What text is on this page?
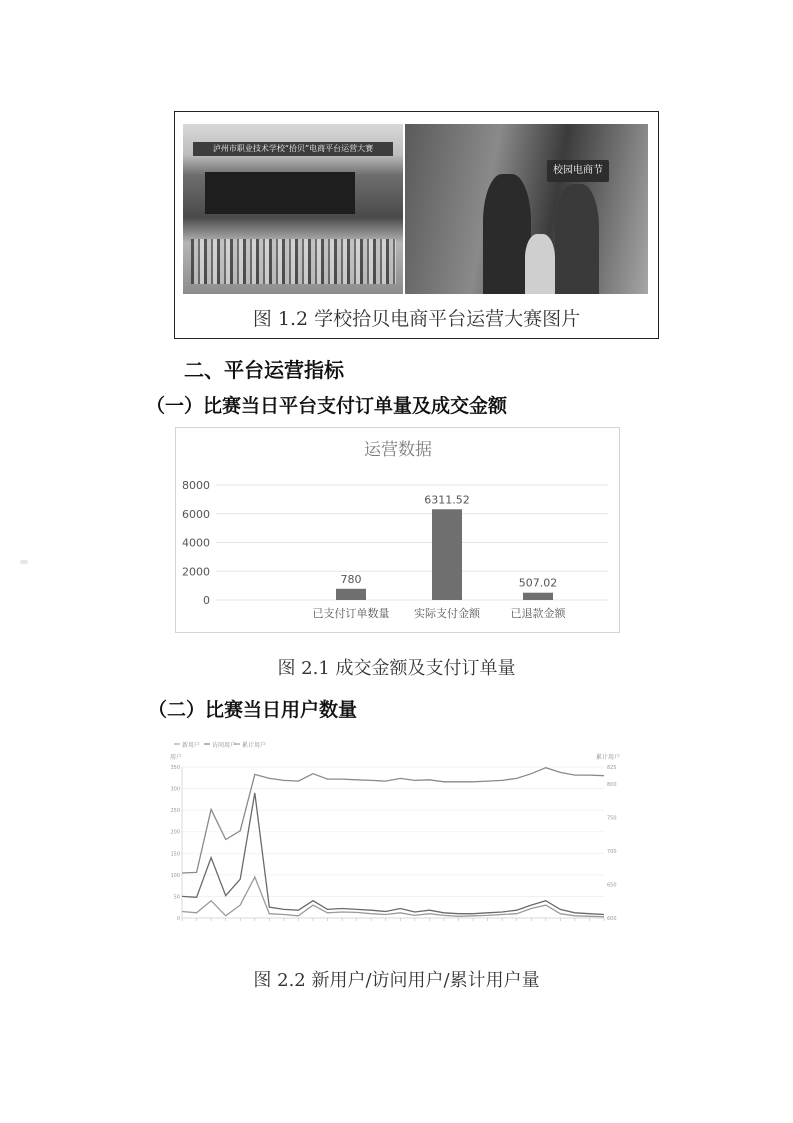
泸州市职业技术学校“拾贝”电商平台运营大赛
校园电商节
图 1.2 学校拾贝电商平台运营大赛图片
二、平台运营指标
（一）比赛当日平台支付订单量及成交金额
运营数据
0
2000
4000
6000
8000
780
已支付订单数量
6311.52
实际支付金额
507.02
已退款金额
图 2.1 成交金额及支付订单量
（二）比赛当日用户数量
新用户 访问用户 累计用户
用户	累计用户
0
50
100
150
200
250
300
350
600
650
700
750
800
825
图 2.2 新用户/访问用户/累计用户量
